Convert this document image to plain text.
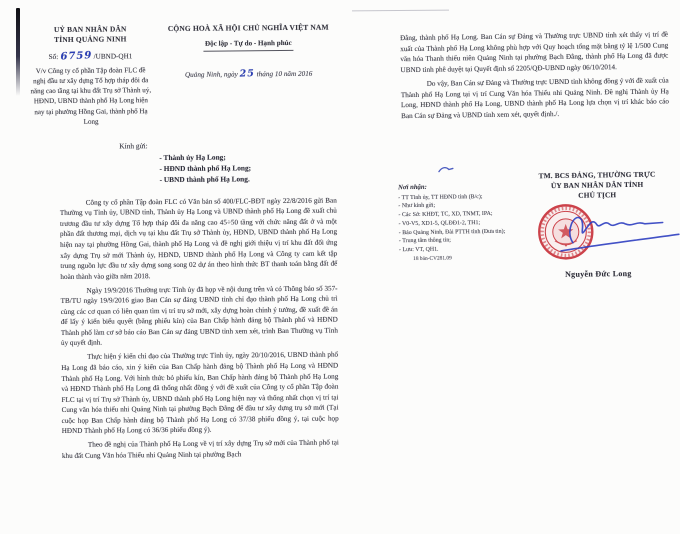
UỶ BAN NHÂN DÂN
TỈNH QUẢNG NINH
Số: 6759 /UBND-QH1
V/v Công ty cổ phần Tập đoàn FLC đề nghị đầu tư xây dựng Tổ hợp tháp đôi đa năng cao tầng tại khu đất Trụ sở Thành uỷ, HĐND, UBND thành phố Hạ Long hiện nay tại phường Hồng Gai, thành phố Hạ Long
CỘNG HOÀ XÃ HỘI CHỦ NGHĨA VIỆT NAM
Độc lập - Tự do - Hạnh phúc
Quảng Ninh, ngày 25 tháng 10 năm 2016
Kính gửi:
- Thành ủy Hạ Long;
- HĐND thành phố Hạ Long;
- UBND thành phố Hạ Long.

Công ty cổ phần Tập đoàn FLC có Văn bản số 400/FLC-BĐT ngày 22/8/2016 gửi Ban Thường vụ Tỉnh ủy, UBND tỉnh, Thành ủy Hạ Long và UBND thành phố Hạ Long đề xuất chủ trương đầu tư xây dựng Tổ hợp tháp đôi đa năng cao 45÷50 tầng với chức năng đất ở và một phần đất thương mại, dịch vụ tại khu đất Trụ sở Thành ủy, HĐND, UBND thành phố Hạ Long hiện nay tại phường Hồng Gai, thành phố Hạ Long và đề nghị giới thiệu vị trí khu đất đối ứng xây dựng Trụ sở mới Thành ủy, HĐND, UBND thành phố Hạ Long và Công ty cam kết tập trung nguồn lực đầu tư xây dựng song song 02 dự án theo hình thức BT thanh toán bằng đất để hoàn thành vào giữa năm 2018.

Ngày 19/9/2016 Thường trực Tỉnh ủy đã họp về nội dung trên và có Thông báo số 357-TB/TU ngày 19/9/2016 giao Ban Cán sự đảng UBND tỉnh chỉ đạo thành phố Hạ Long chủ trì cùng các cơ quan có liên quan tìm vị trí trụ sở mới, xây dựng hoàn chỉnh ý tưởng, đề xuất đề án để lấy ý kiến biểu quyết (bằng phiếu kín) của Ban Chấp hành đảng bộ Thành phố và HĐND Thành phố làm cơ sở báo cáo Ban Cán sự đảng UBND tỉnh xem xét, trình Ban Thường vụ Tỉnh ủy quyết định.

Thực hiện ý kiến chỉ đạo của Thường trực Tỉnh ủy, ngày 20/10/2016, UBND thành phố Hạ Long đã báo cáo, xin ý kiến của Ban Chấp hành đảng bộ Thành phố Hạ Long và HĐND Thành phố Hạ Long. Với hình thức bỏ phiếu kín, Ban Chấp hành đảng bộ Thành phố Hạ Long và HĐND Thành phố Hạ Long đã thống nhất đồng ý với đề xuất của Công ty cổ phần Tập đoàn FLC tại vị trí Trụ sở Thành ủy, UBND thành phố Hạ Long hiện nay và thống nhất chọn vị trí tại Cung văn hóa thiếu nhi Quảng Ninh tại phường Bạch Đằng để đầu tư xây dựng trụ sở mới (Tại cuộc họp Ban Chấp hành đảng bộ Thành phố Hạ Long có 37/38 phiếu đồng ý, tại cuộc họp HĐND Thành phố Hạ Long có 36/36 phiếu đồng ý).

Theo đề nghị của Thành phố Hạ Long về vị trí xây dựng Trụ sở mới của Thành phố tại khu đất Cung Văn hóa Thiếu nhi Quảng Ninh tại phường Bạch

Đằng, thành phố Hạ Long. Ban Cán sự Đảng và Thường trực UBND tỉnh xét thấy vị trí đề xuất của Thành phố Hạ Long không phù hợp với Quy hoạch tổng mặt bằng tỷ lệ 1/500 Cung văn hóa Thanh thiếu niên Quảng Ninh tại phường Bạch Đằng, thành phố Hạ Long đã được UBND tỉnh phê duyệt tại Quyết định số 2205/QĐ-UBND ngày 06/10/2014.

Do vậy, Ban Cán sự Đảng và Thường trực UBND tỉnh không đồng ý với đề xuất của Thành phố Hạ Long tại vị trí Cung Văn hóa Thiếu nhi Quảng Ninh. Đề nghị Thành ủy Hạ Long, HĐND thành phố Hạ Long, UBND thành phố Hạ Long lựa chọn vị trí khác báo cáo Ban Cán sự Đảng và UBND tỉnh xem xét, quyết định./.

Nơi nhận:
- TT Tỉnh ủy, TT HĐND tỉnh (B/c);
- Như kính gửi;
- Các Sở: KHĐT, TC, XD, TNMT, IPA;
- V0-V5, XD1-5, QLĐĐ1-2, TH1;
- Báo Quảng Ninh, Đài PTTH tỉnh (Đưa tin);
- Trung tâm thông tin;
- Lưu: VT, QH1.
18 bản-CV281.09
TM. BCS ĐẢNG, THƯỜNG TRỰC
ỦY BAN NHÂN DÂN TỈNH
CHỦ TỊCH
Nguyễn Đức Long
